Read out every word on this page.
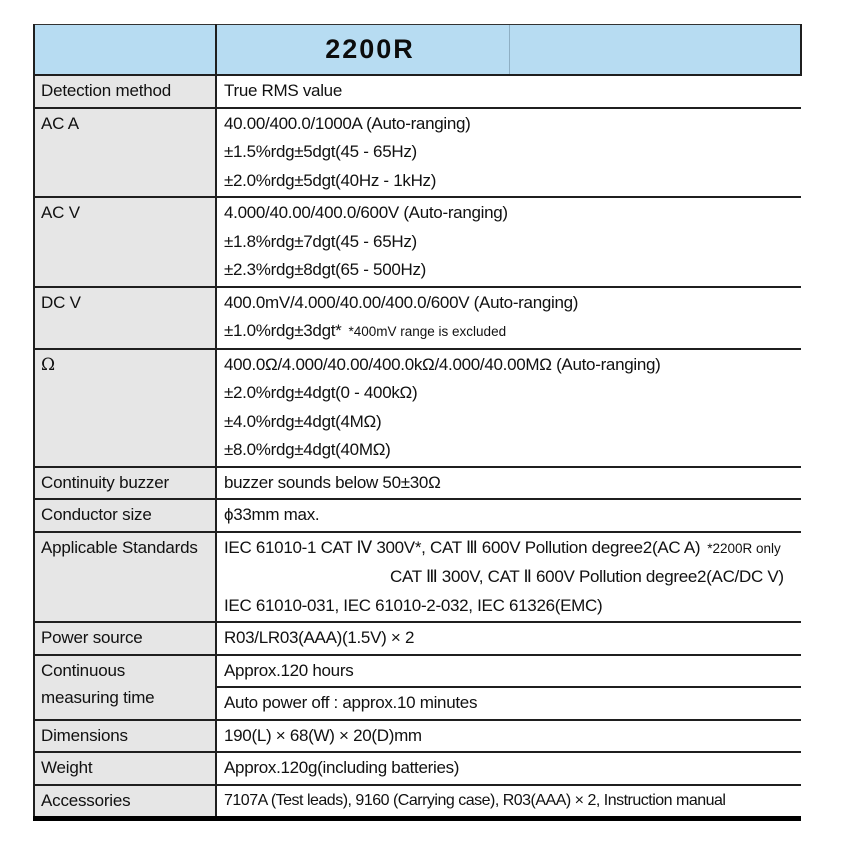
	2200R

Detection method	True RMS value

AC A	40.00/400.0/1000A (Auto-ranging)
±1.5%rdg±5dgt(45 - 65Hz)
±2.0%rdg±5dgt(40Hz - 1kHz)

AC V	4.000/40.00/400.0/600V (Auto-ranging)
±1.8%rdg±7dgt(45 - 65Hz)
±2.3%rdg±8dgt(65 - 500Hz)

DC V	400.0mV/4.000/40.00/400.0/600V (Auto-ranging)
±1.0%rdg±3dgt* *400mV range is excluded

Ω	400.0Ω/4.000/40.00/400.0kΩ/4.000/40.00MΩ (Auto-ranging)
±2.0%rdg±4dgt(0 - 400kΩ)
±4.0%rdg±4dgt(4MΩ)
±8.0%rdg±4dgt(40MΩ)

Continuity buzzer	buzzer sounds below 50±30Ω

Conductor size	ϕ33mm max.

Applicable Standards	IEC 61010-1 CAT Ⅳ 300V*, CAT Ⅲ 600V Pollution degree2(AC A) *2200R only
CAT Ⅲ 300V, CAT Ⅱ 600V Pollution degree2(AC/DC V)
IEC 61010-031, IEC 61010-2-032, IEC 61326(EMC)

Power source	R03/LR03(AAA)(1.5V) × 2

Continuous measuring time	Approx.120 hours

	Auto power off : approx.10 minutes

Dimensions	190(L) × 68(W) × 20(D)mm

Weight	Approx.120g(including batteries)

Accessories	7107A (Test leads), 9160 (Carrying case), R03(AAA) × 2, Instruction manual
